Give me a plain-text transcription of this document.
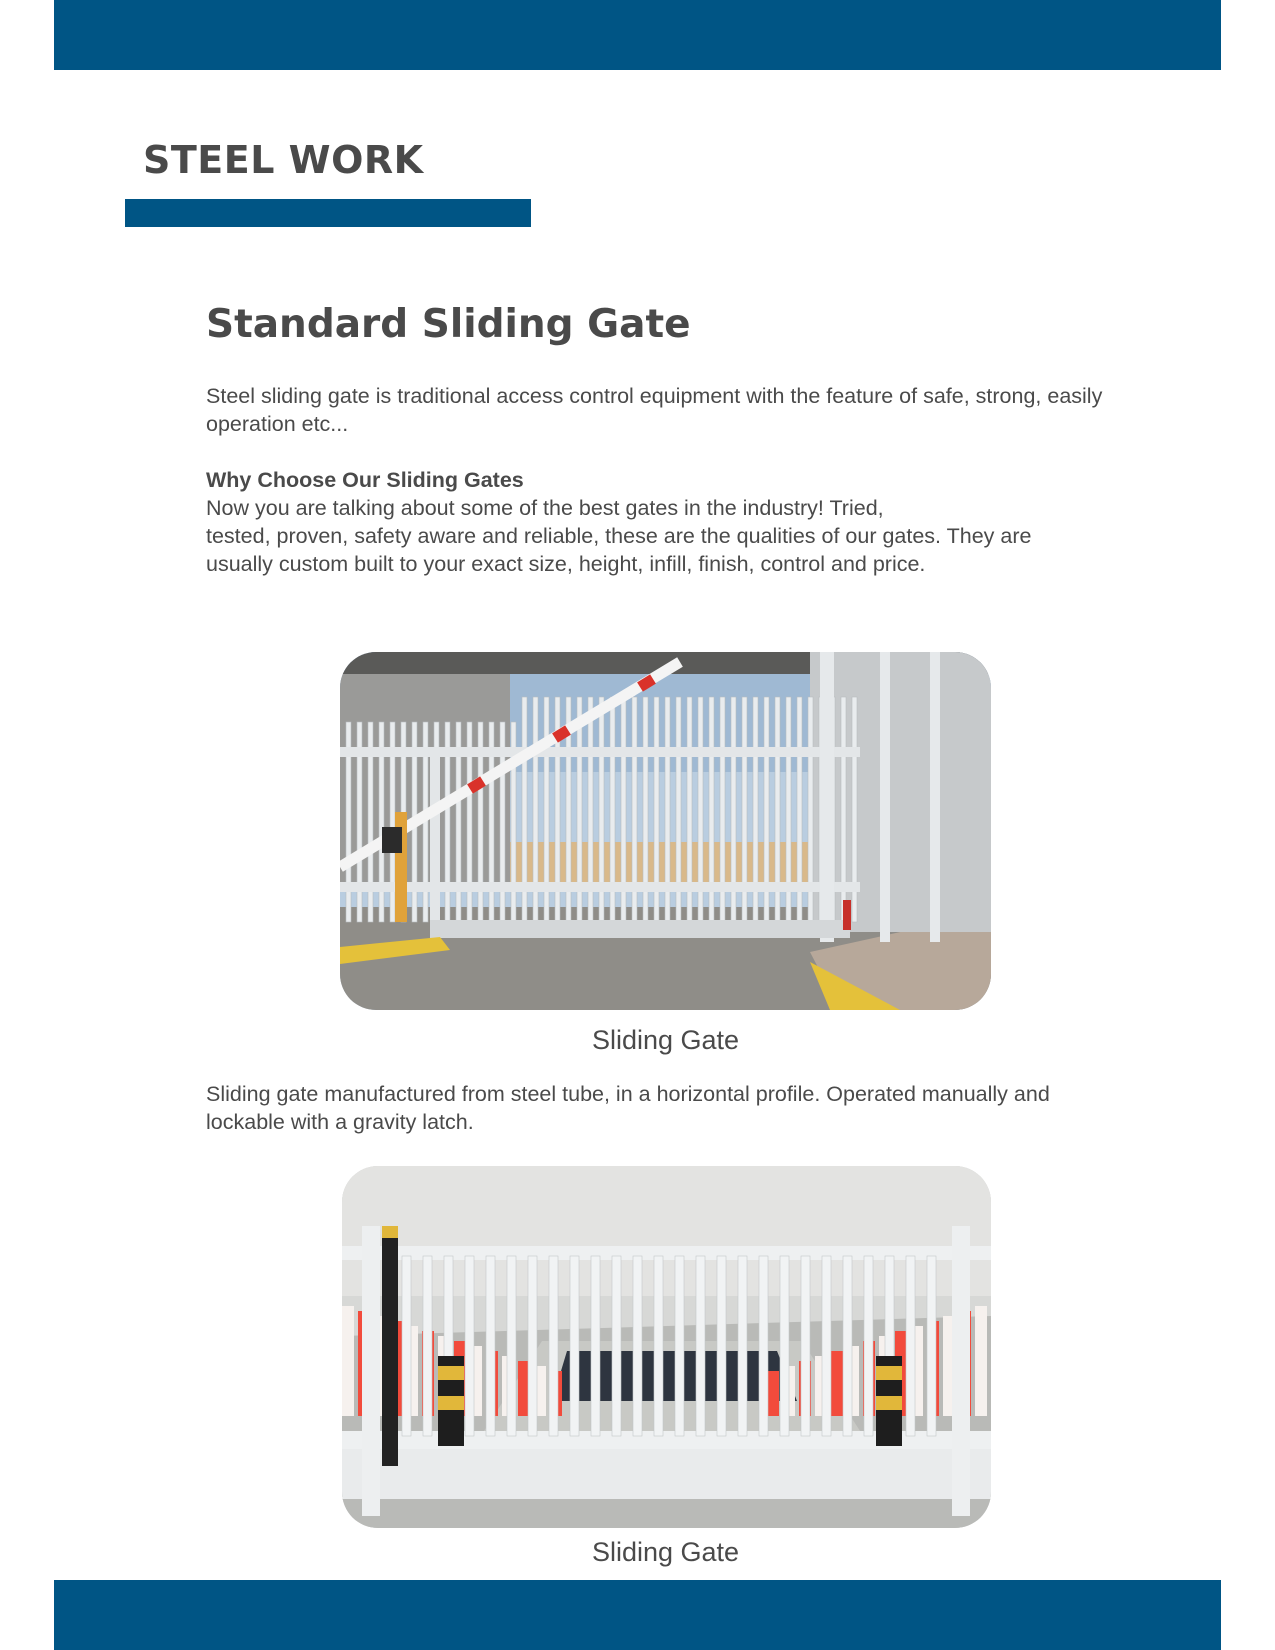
STEEL WORK
Standard Sliding Gate

Steel sliding gate is traditional access control equipment with the feature of safe, strong, easily operation etc...

Why Choose Our Sliding Gates

Now you are talking about some of the best gates in the industry! Tried,
tested, proven, safety aware and reliable, these are the qualities of our gates. They are
usually custom built to your exact size, height, infill, finish, control and price.

Sliding Gate

Sliding gate manufactured from steel tube, in a horizontal profile. Operated manually and lockable with a gravity latch.

Sliding Gate
